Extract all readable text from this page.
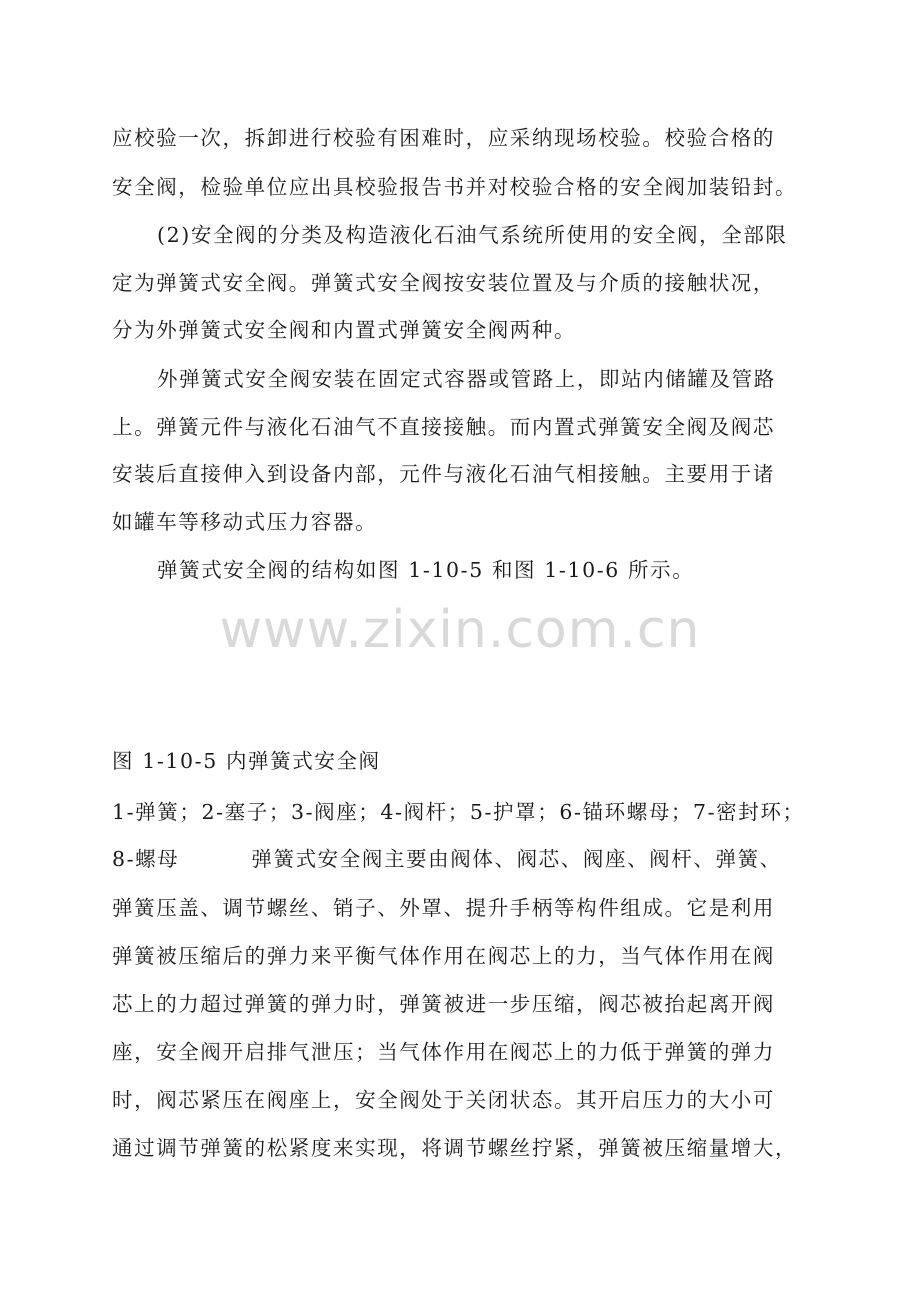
应校验一次，拆卸进行校验有困难时，应采纳现场校验。校验合格的
安全阀，检验单位应出具校验报告书并对校验合格的安全阀加装铅封。
(2)安全阀的分类及构造液化石油气系统所使用的安全阀，全部限
定为弹簧式安全阀。弹簧式安全阀按安装位置及与介质的接触状况，
分为外弹簧式安全阀和内置式弹簧安全阀两种。
外弹簧式安全阀安装在固定式容器或管路上，即站内储罐及管路
上。弹簧元件与液化石油气不直接接触。而内置式弹簧安全阀及阀芯
安装后直接伸入到设备内部，元件与液化石油气相接触。主要用于诸
如罐车等移动式压力容器。
弹簧式安全阀的结构如图 1-10-5 和图 1-10-6 所示。
www.zixin.com.cn
图 1-10-5 内弹簧式安全阀
1-弹簧；2-塞子；3-阀座；4-阀杆；5-护罩；6-锚环螺母；7-密封环；
8-螺母	弹簧式安全阀主要由阀体、阀芯、阀座、阀杆、弹簧、
弹簧压盖、调节螺丝、销子、外罩、提升手柄等构件组成。它是利用
弹簧被压缩后的弹力来平衡气体作用在阀芯上的力，当气体作用在阀
芯上的力超过弹簧的弹力时，弹簧被进一步压缩，阀芯被抬起离开阀
座，安全阀开启排气泄压；当气体作用在阀芯上的力低于弹簧的弹力
时，阀芯紧压在阀座上，安全阀处于关闭状态。其开启压力的大小可
通过调节弹簧的松紧度来实现，将调节螺丝拧紧，弹簧被压缩量增大，
